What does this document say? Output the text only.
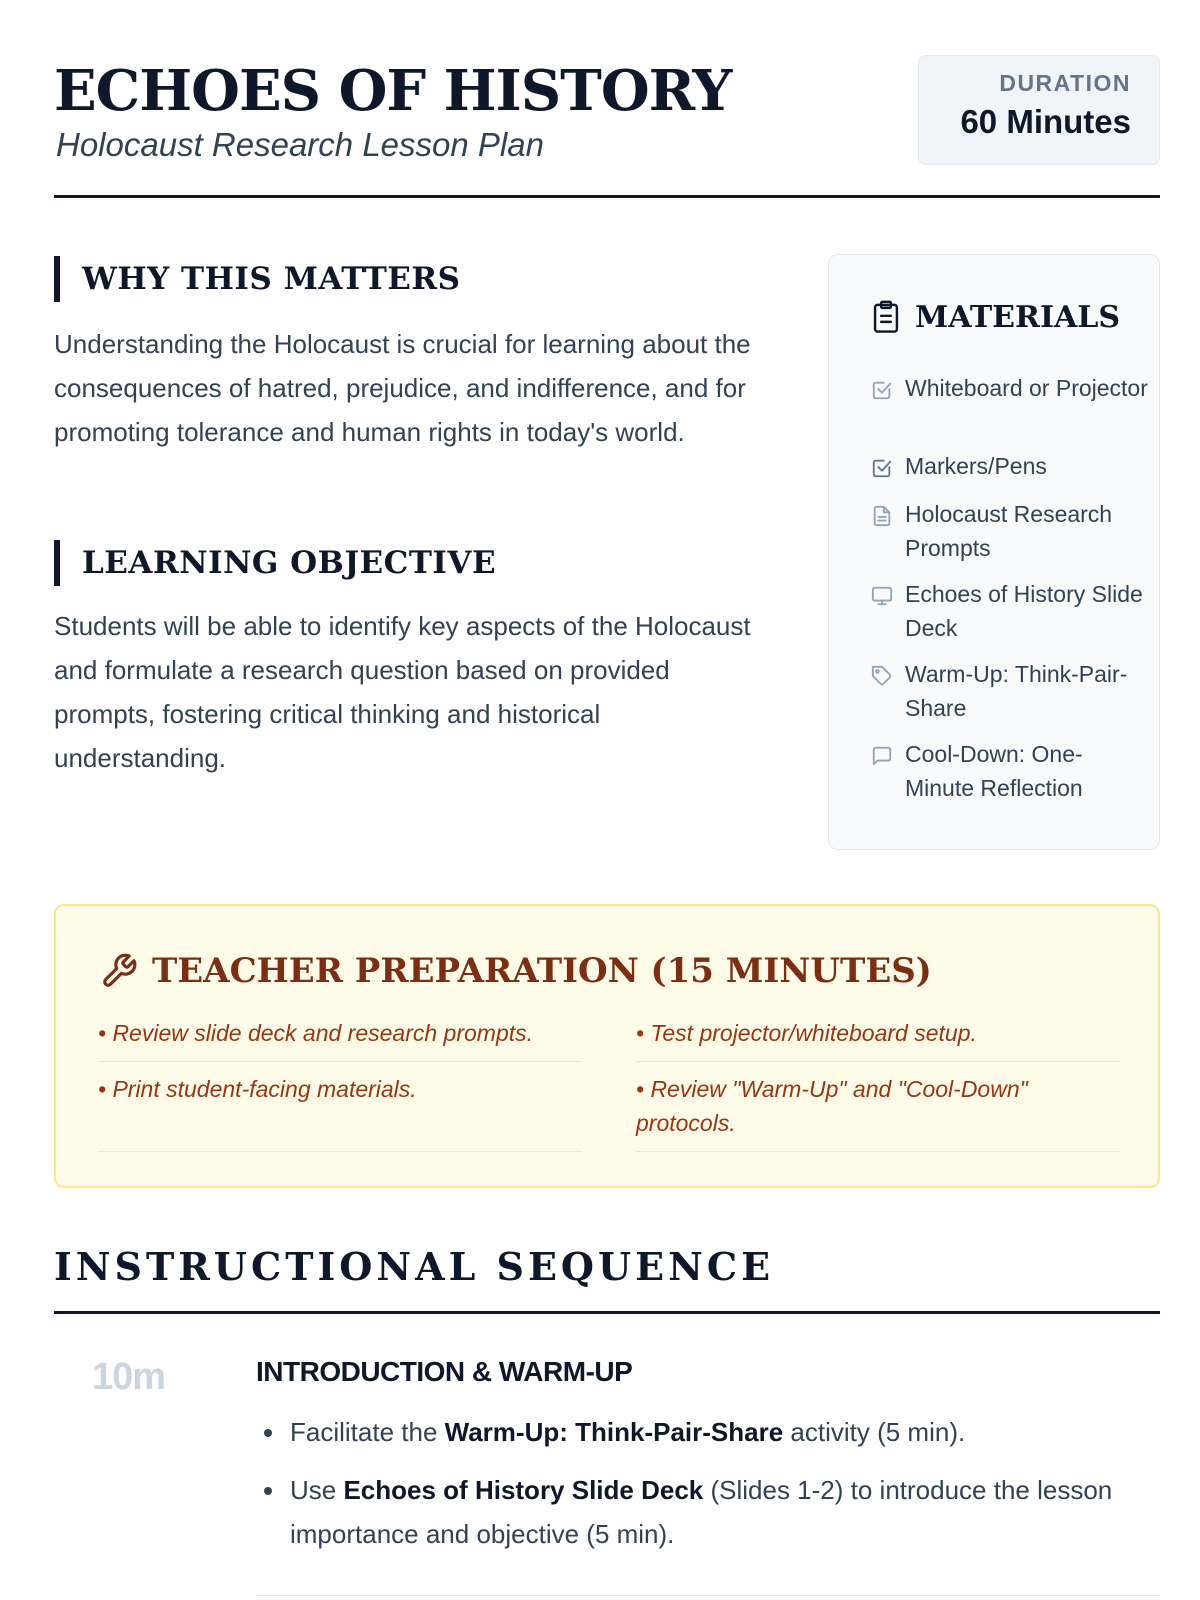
ECHOES OF HISTORY
Holocaust Research Lesson Plan
DURATION
60 Minutes
WHY THIS MATTERS
Understanding the Holocaust is crucial for learning about the consequences of hatred, prejudice, and indifference, and for promoting tolerance and human rights in today's world.
LEARNING OBJECTIVE
Students will be able to identify key aspects of the Holocaust and formulate a research question based on provided prompts, fostering critical thinking and historical understanding.
MATERIALS
Whiteboard or Projector
Markers/Pens
Holocaust Research Prompts
Echoes of History Slide Deck
Warm-Up: Think-Pair-Share
Cool-Down: One-Minute Reflection
TEACHER PREPARATION (15 MINUTES)
• Review slide deck and research prompts.	• Test projector/whiteboard setup.
• Print student-facing materials.	• Review "Warm-Up" and "Cool-Down" protocols.
INSTRUCTIONAL SEQUENCE
10m	INTRODUCTION & WARM-UP
Facilitate the Warm-Up: Think-Pair-Share activity (5 min).
Use Echoes of History Slide Deck (Slides 1-2) to introduce the lesson importance and objective (5 min).
